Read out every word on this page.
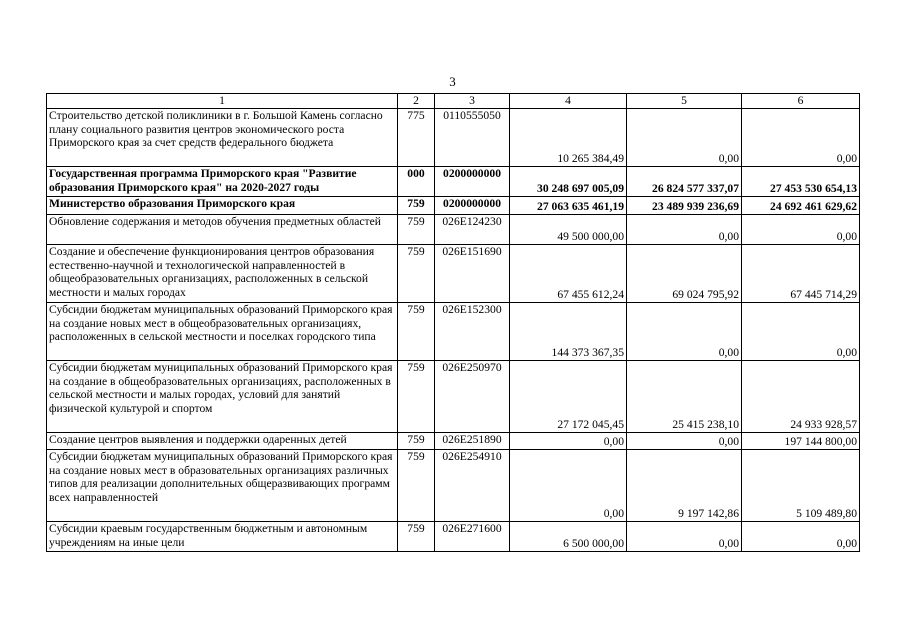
3
1	2	3	4	5	6
Строительство детской поликлиники в г. Большой Камень согласно плану социального развития центров экономического роста Приморского края за счет средств федерального бюджета	775	0110555050	10 265 384,49	0,00	0,00
Государственная программа Приморского края "Развитие образования Приморского края" на 2020-2027 годы	000	0200000000	30 248 697 005,09	26 824 577 337,07	27 453 530 654,13
Министерство образования Приморского края	759	0200000000	27 063 635 461,19	23 489 939 236,69	24 692 461 629,62
Обновление содержания и методов обучения предметных областей	759	026E124230	49 500 000,00	0,00	0,00
Создание и обеспечение функционирования центров образования естественно-научной и технологической направленностей в общеобразовательных организациях, расположенных в сельской местности и малых городах	759	026E151690	67 455 612,24	69 024 795,92	67 445 714,29
Субсидии бюджетам муниципальных образований Приморского края на создание новых мест в общеобразовательных организациях, расположенных в сельской местности и поселках городского типа	759	026E152300	144 373 367,35	0,00	0,00
Субсидии бюджетам муниципальных образований Приморского края на создание в общеобразовательных организациях, расположенных в сельской местности и малых городах, условий для занятий физической культурой и спортом	759	026E250970	27 172 045,45	25 415 238,10	24 933 928,57
Создание центров выявления и поддержки одаренных детей	759	026E251890	0,00	0,00	197 144 800,00
Субсидии бюджетам муниципальных образований Приморского края на создание новых мест в образовательных организациях различных типов для реализации дополнительных общеразвивающих программ всех направленностей	759	026E254910	0,00	9 197 142,86	5 109 489,80
Субсидии краевым государственным бюджетным и автономным учреждениям на иные цели	759	026E271600	6 500 000,00	0,00	0,00
